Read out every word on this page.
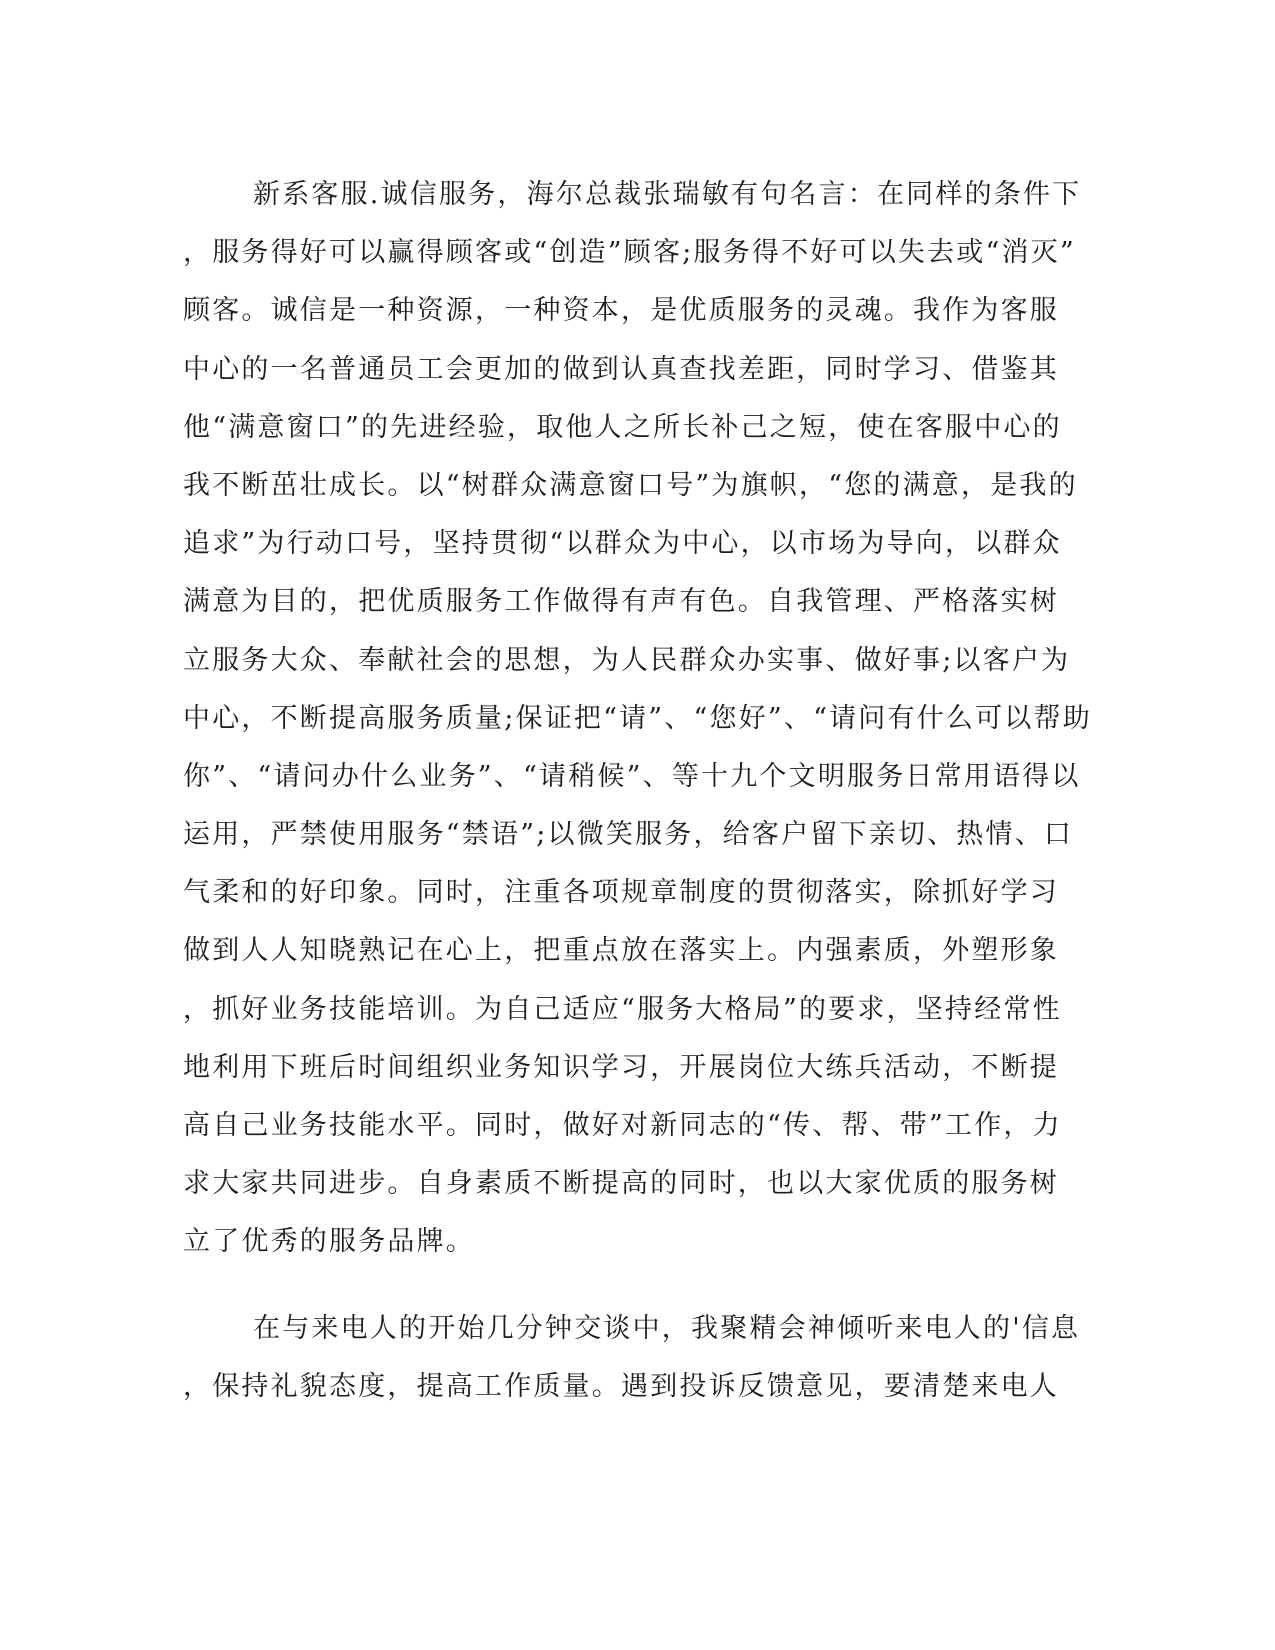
新系客服.诚信服务，海尔总裁张瑞敏有句名言：在同样的条件下
，服务得好可以赢得顾客或“创造”顾客;服务得不好可以失去或“消灭”
顾客。诚信是一种资源，一种资本，是优质服务的灵魂。我作为客服
中心的一名普通员工会更加的做到认真查找差距，同时学习、借鉴其
他“满意窗口”的先进经验，取他人之所长补己之短，使在客服中心的
我不断茁壮成长。以“树群众满意窗口号”为旗帜，“您的满意，是我的
追求”为行动口号，坚持贯彻“以群众为中心，以市场为导向，以群众
满意为目的，把优质服务工作做得有声有色。自我管理、严格落实树
立服务大众、奉献社会的思想，为人民群众办实事、做好事;以客户为
中心，不断提高服务质量;保证把“请”、“您好”、“请问有什么可以帮助
你”、“请问办什么业务”、“请稍候”、等十九个文明服务日常用语得以
运用，严禁使用服务“禁语”;以微笑服务，给客户留下亲切、热情、口
气柔和的好印象。同时，注重各项规章制度的贯彻落实，除抓好学习
做到人人知晓熟记在心上，把重点放在落实上。内强素质，外塑形象
，抓好业务技能培训。为自己适应“服务大格局”的要求，坚持经常性
地利用下班后时间组织业务知识学习，开展岗位大练兵活动，不断提
高自己业务技能水平。同时，做好对新同志的“传、帮、带”工作，力
求大家共同进步。自身素质不断提高的同时，也以大家优质的服务树
立了优秀的服务品牌。
在与来电人的开始几分钟交谈中，我聚精会神倾听来电人的'信息
，保持礼貌态度，提高工作质量。遇到投诉反馈意见，要清楚来电人
